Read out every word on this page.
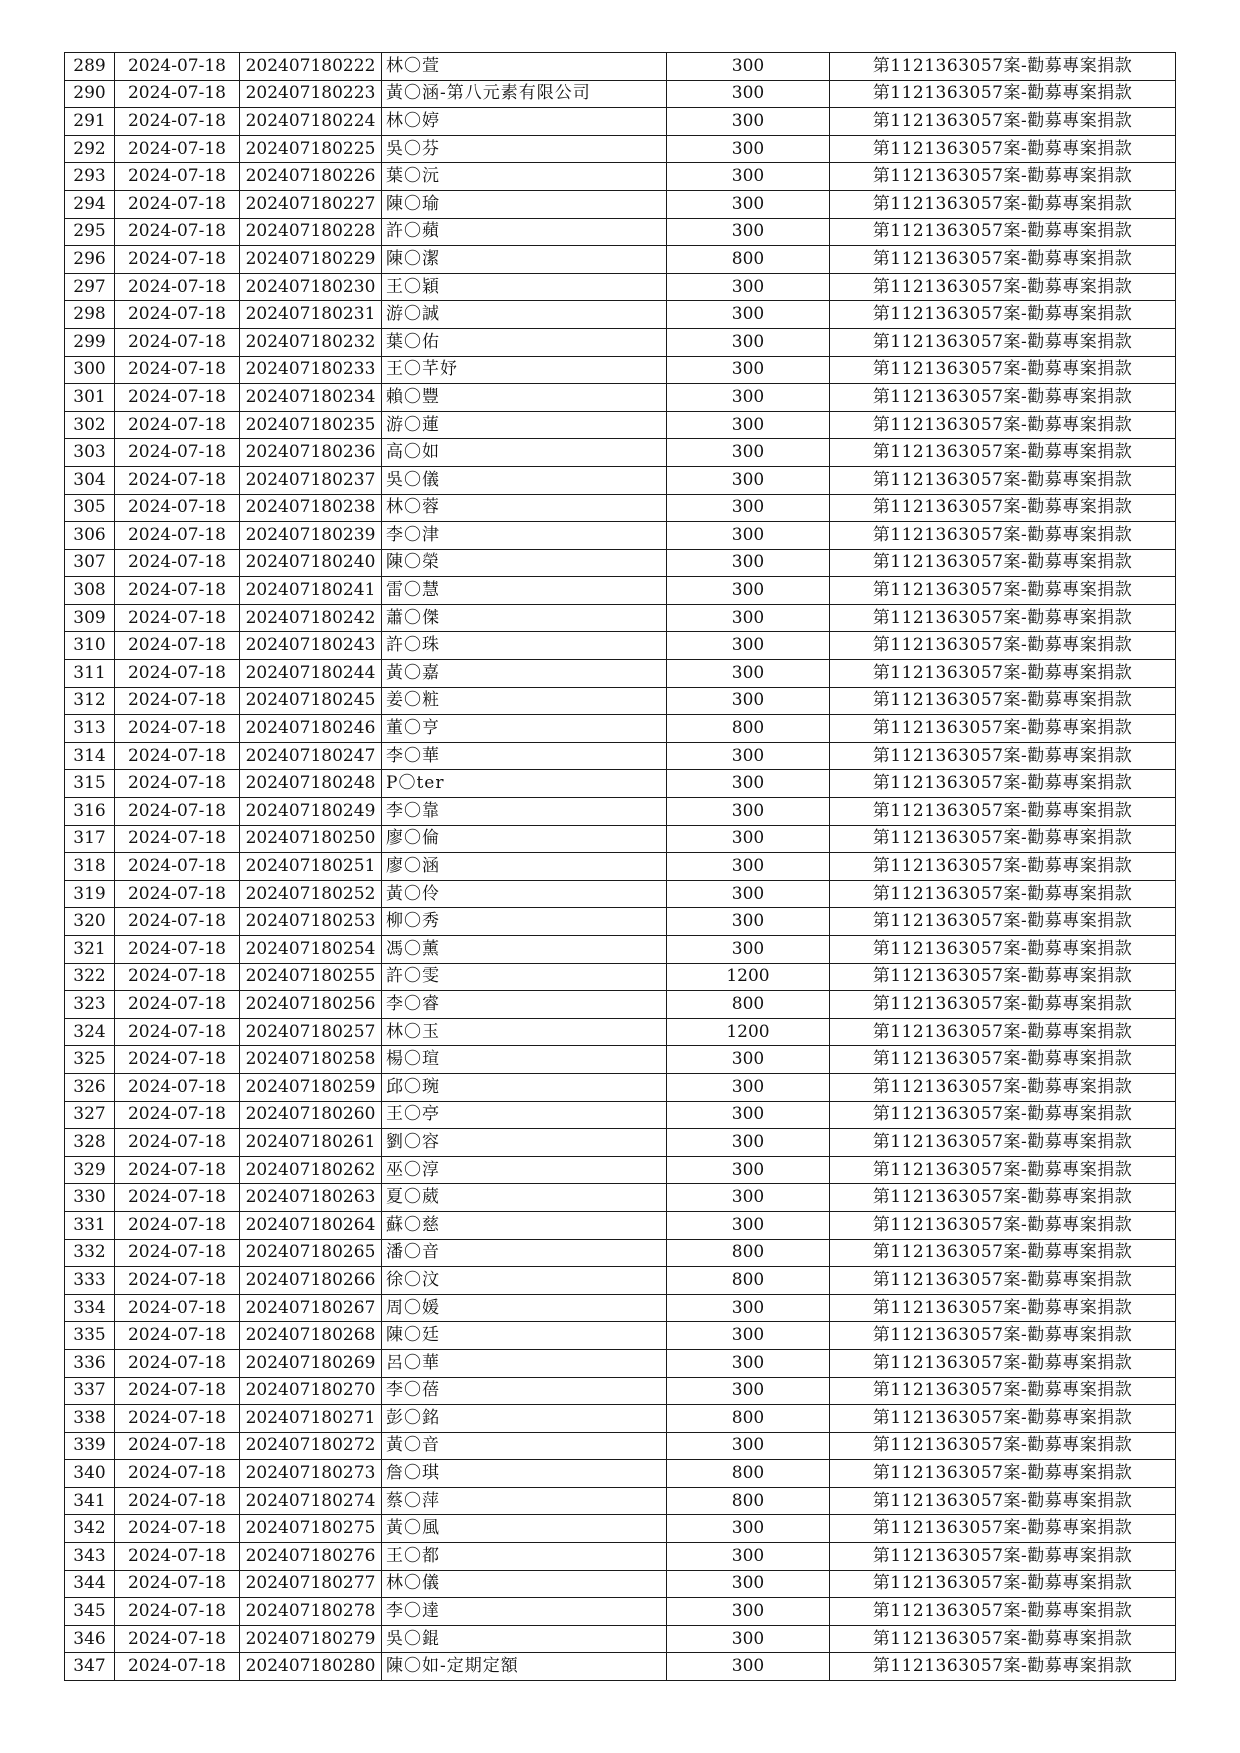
289	2024-07-18	202407180222	林〇萱	300	第1121363057案-勸募專案捐款
290	2024-07-18	202407180223	黃〇涵-第八元素有限公司	300	第1121363057案-勸募專案捐款
291	2024-07-18	202407180224	林〇婷	300	第1121363057案-勸募專案捐款
292	2024-07-18	202407180225	吳〇芬	300	第1121363057案-勸募專案捐款
293	2024-07-18	202407180226	葉〇沅	300	第1121363057案-勸募專案捐款
294	2024-07-18	202407180227	陳〇瑜	300	第1121363057案-勸募專案捐款
295	2024-07-18	202407180228	許〇蘋	300	第1121363057案-勸募專案捐款
296	2024-07-18	202407180229	陳〇潔	800	第1121363057案-勸募專案捐款
297	2024-07-18	202407180230	王〇穎	300	第1121363057案-勸募專案捐款
298	2024-07-18	202407180231	游〇誠	300	第1121363057案-勸募專案捐款
299	2024-07-18	202407180232	葉〇佑	300	第1121363057案-勸募專案捐款
300	2024-07-18	202407180233	王〇芊妤	300	第1121363057案-勸募專案捐款
301	2024-07-18	202407180234	賴〇豐	300	第1121363057案-勸募專案捐款
302	2024-07-18	202407180235	游〇蓮	300	第1121363057案-勸募專案捐款
303	2024-07-18	202407180236	高〇如	300	第1121363057案-勸募專案捐款
304	2024-07-18	202407180237	吳〇儀	300	第1121363057案-勸募專案捐款
305	2024-07-18	202407180238	林〇蓉	300	第1121363057案-勸募專案捐款
306	2024-07-18	202407180239	李〇津	300	第1121363057案-勸募專案捐款
307	2024-07-18	202407180240	陳〇榮	300	第1121363057案-勸募專案捐款
308	2024-07-18	202407180241	雷〇慧	300	第1121363057案-勸募專案捐款
309	2024-07-18	202407180242	蕭〇傑	300	第1121363057案-勸募專案捐款
310	2024-07-18	202407180243	許〇珠	300	第1121363057案-勸募專案捐款
311	2024-07-18	202407180244	黃〇嘉	300	第1121363057案-勸募專案捐款
312	2024-07-18	202407180245	姜〇粧	300	第1121363057案-勸募專案捐款
313	2024-07-18	202407180246	董〇亨	800	第1121363057案-勸募專案捐款
314	2024-07-18	202407180247	李〇華	300	第1121363057案-勸募專案捐款
315	2024-07-18	202407180248	P〇ter	300	第1121363057案-勸募專案捐款
316	2024-07-18	202407180249	李〇靠	300	第1121363057案-勸募專案捐款
317	2024-07-18	202407180250	廖〇倫	300	第1121363057案-勸募專案捐款
318	2024-07-18	202407180251	廖〇涵	300	第1121363057案-勸募專案捐款
319	2024-07-18	202407180252	黃〇伶	300	第1121363057案-勸募專案捐款
320	2024-07-18	202407180253	柳〇秀	300	第1121363057案-勸募專案捐款
321	2024-07-18	202407180254	馮〇薰	300	第1121363057案-勸募專案捐款
322	2024-07-18	202407180255	許〇雯	1200	第1121363057案-勸募專案捐款
323	2024-07-18	202407180256	李〇睿	800	第1121363057案-勸募專案捐款
324	2024-07-18	202407180257	林〇玉	1200	第1121363057案-勸募專案捐款
325	2024-07-18	202407180258	楊〇瑄	300	第1121363057案-勸募專案捐款
326	2024-07-18	202407180259	邱〇琬	300	第1121363057案-勸募專案捐款
327	2024-07-18	202407180260	王〇亭	300	第1121363057案-勸募專案捐款
328	2024-07-18	202407180261	劉〇容	300	第1121363057案-勸募專案捐款
329	2024-07-18	202407180262	巫〇淳	300	第1121363057案-勸募專案捐款
330	2024-07-18	202407180263	夏〇葳	300	第1121363057案-勸募專案捐款
331	2024-07-18	202407180264	蘇〇慈	300	第1121363057案-勸募專案捐款
332	2024-07-18	202407180265	潘〇音	800	第1121363057案-勸募專案捐款
333	2024-07-18	202407180266	徐〇汶	800	第1121363057案-勸募專案捐款
334	2024-07-18	202407180267	周〇媛	300	第1121363057案-勸募專案捐款
335	2024-07-18	202407180268	陳〇廷	300	第1121363057案-勸募專案捐款
336	2024-07-18	202407180269	呂〇華	300	第1121363057案-勸募專案捐款
337	2024-07-18	202407180270	李〇蓓	300	第1121363057案-勸募專案捐款
338	2024-07-18	202407180271	彭〇銘	800	第1121363057案-勸募專案捐款
339	2024-07-18	202407180272	黃〇音	300	第1121363057案-勸募專案捐款
340	2024-07-18	202407180273	詹〇琪	800	第1121363057案-勸募專案捐款
341	2024-07-18	202407180274	蔡〇萍	800	第1121363057案-勸募專案捐款
342	2024-07-18	202407180275	黃〇風	300	第1121363057案-勸募專案捐款
343	2024-07-18	202407180276	王〇都	300	第1121363057案-勸募專案捐款
344	2024-07-18	202407180277	林〇儀	300	第1121363057案-勸募專案捐款
345	2024-07-18	202407180278	李〇達	300	第1121363057案-勸募專案捐款
346	2024-07-18	202407180279	吳〇錕	300	第1121363057案-勸募專案捐款
347	2024-07-18	202407180280	陳〇如-定期定額	300	第1121363057案-勸募專案捐款
